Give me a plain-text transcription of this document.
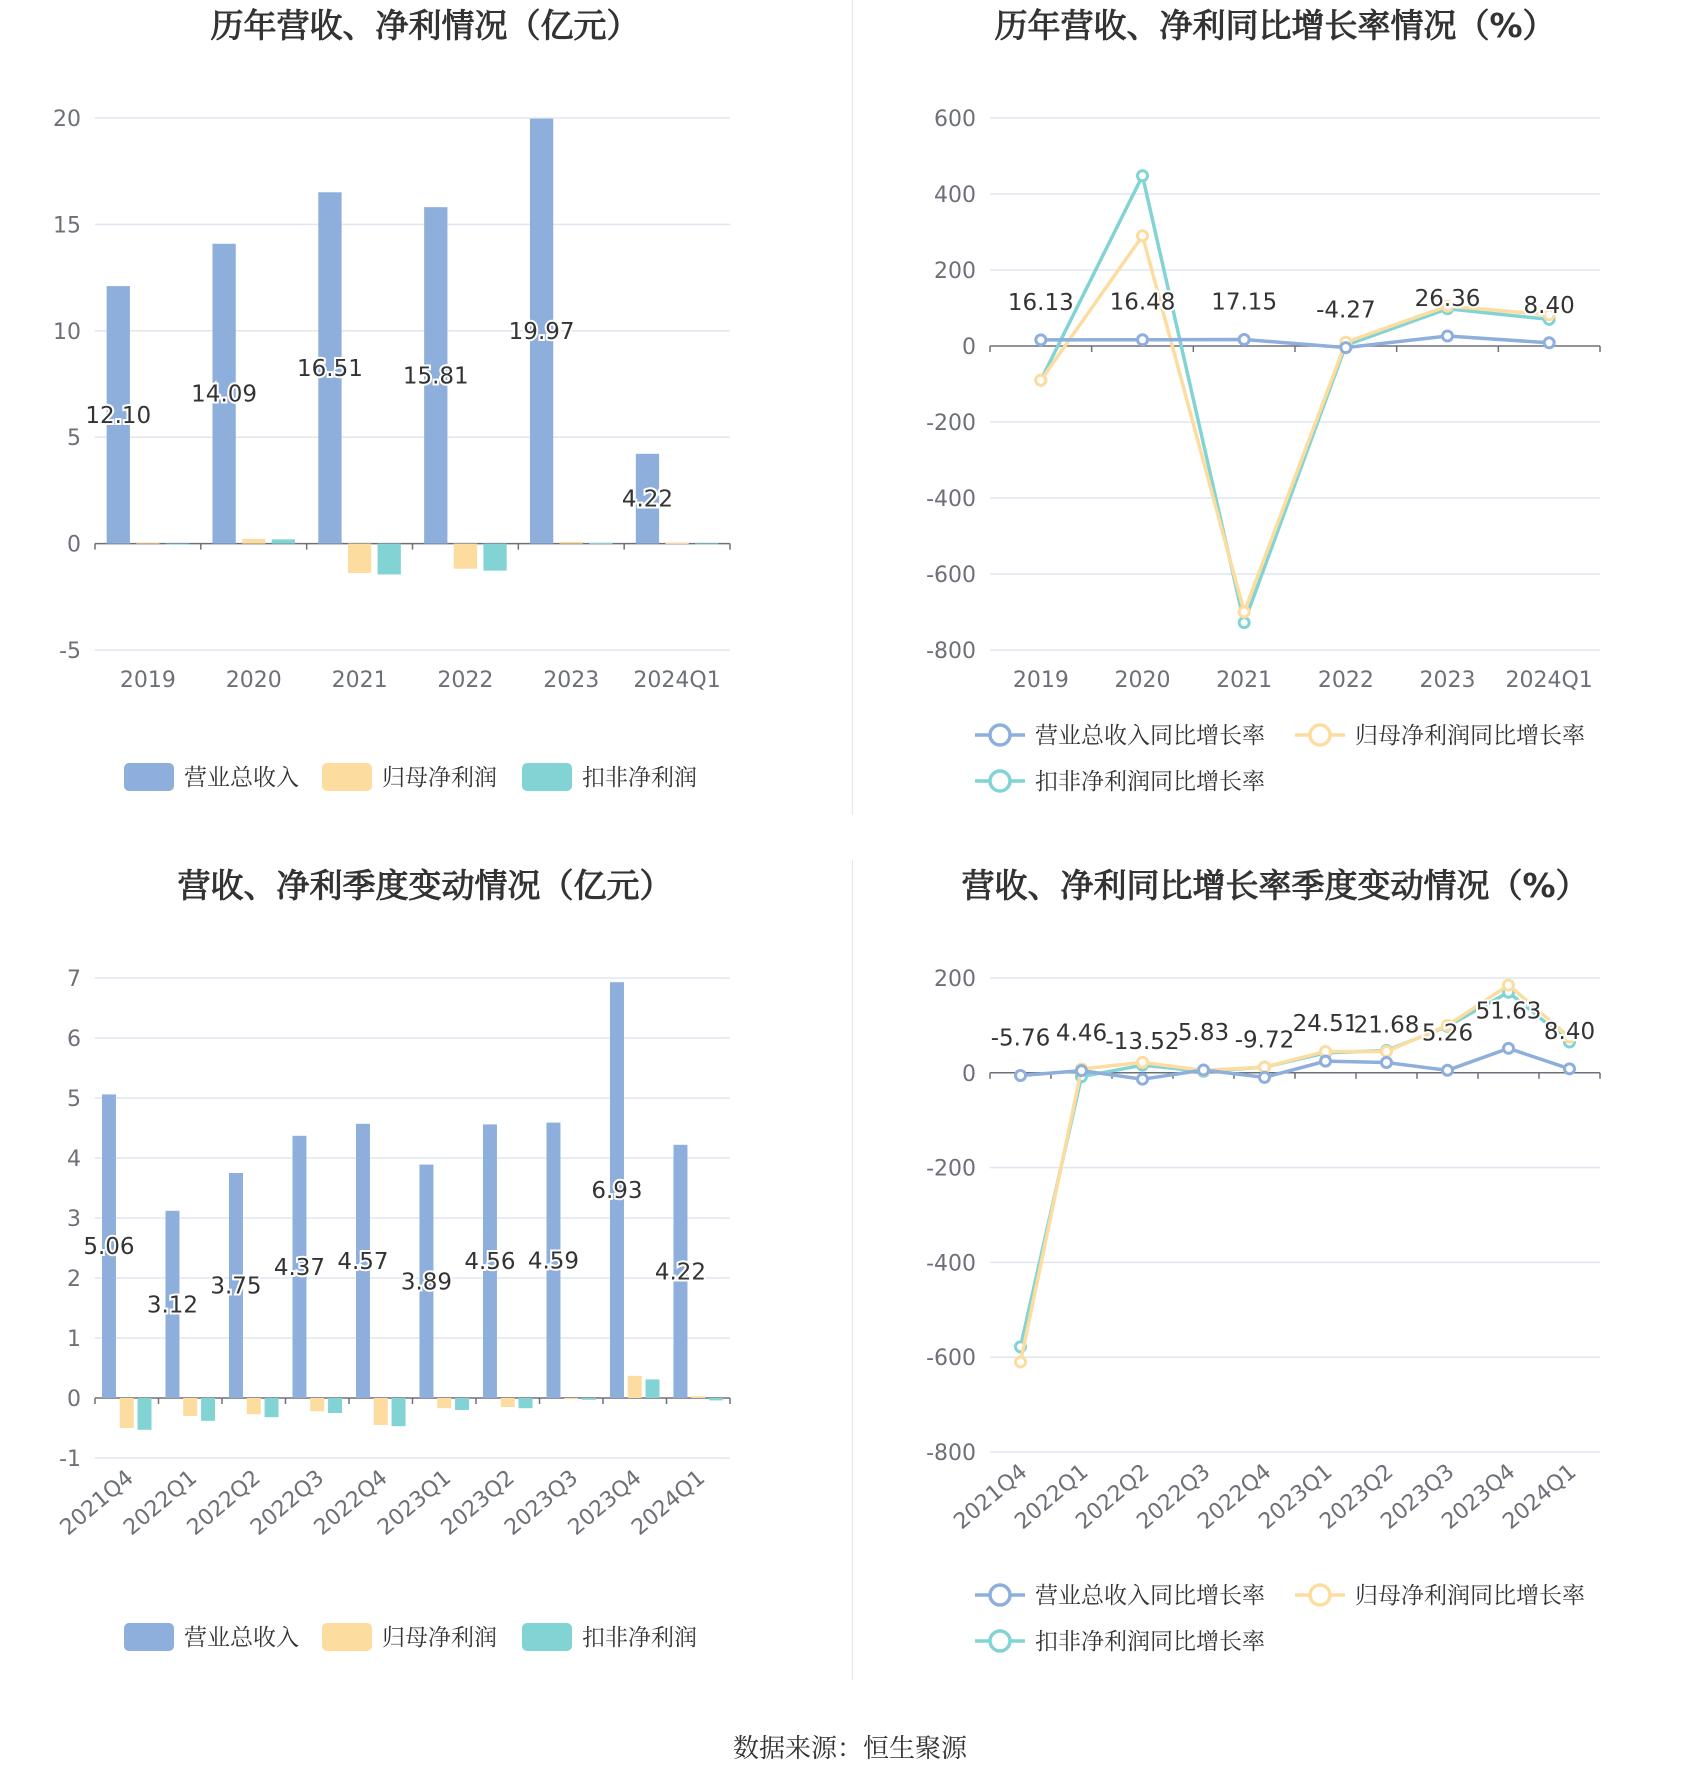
历年营收、净利情况（亿元）
-5
0
5
10
15
20
2019 2020 2021 2022 2023 2024Q1
12.10
14.09
16.51 15.81
19.97
4.22
营业总收入	归母净利润	扣非净利润
历年营收、净利同比增长率情况（%）
-800
-600
-400
-200
0
200
400
600
2019 2020 2021 2022 2023 2024Q1
16.13 16.48 17.15 -4.27 26.36 8.40
营业总收入同比增长率	归母净利润同比增长率
扣非净利润同比增长率
营收、净利季度变动情况（亿元）
-1
0
1
2
3
4
5
6
7
2021Q4
2022Q1
2022Q2
2022Q3
2022Q4
2023Q1
2023Q2
2023Q3
2023Q4
2024Q1
5.06
3.12
3.75
4.37 4.57
3.89
4.56 4.59
6.93
4.22
营业总收入	归母净利润	扣非净利润
营收、净利同比增长率季度变动情况（%）
-800
-600
-400
-200
0
200
2021Q4
2022Q1
2022Q2
2022Q3
2022Q4
2023Q1
2023Q2
2023Q3
2023Q4
2024Q1
-5.76 4.46
-13.52
5.83 -9.72
24.51
21.68 5.26
51.63
8.40
营业总收入同比增长率	归母净利润同比增长率
扣非净利润同比增长率
数据来源：恒生聚源
